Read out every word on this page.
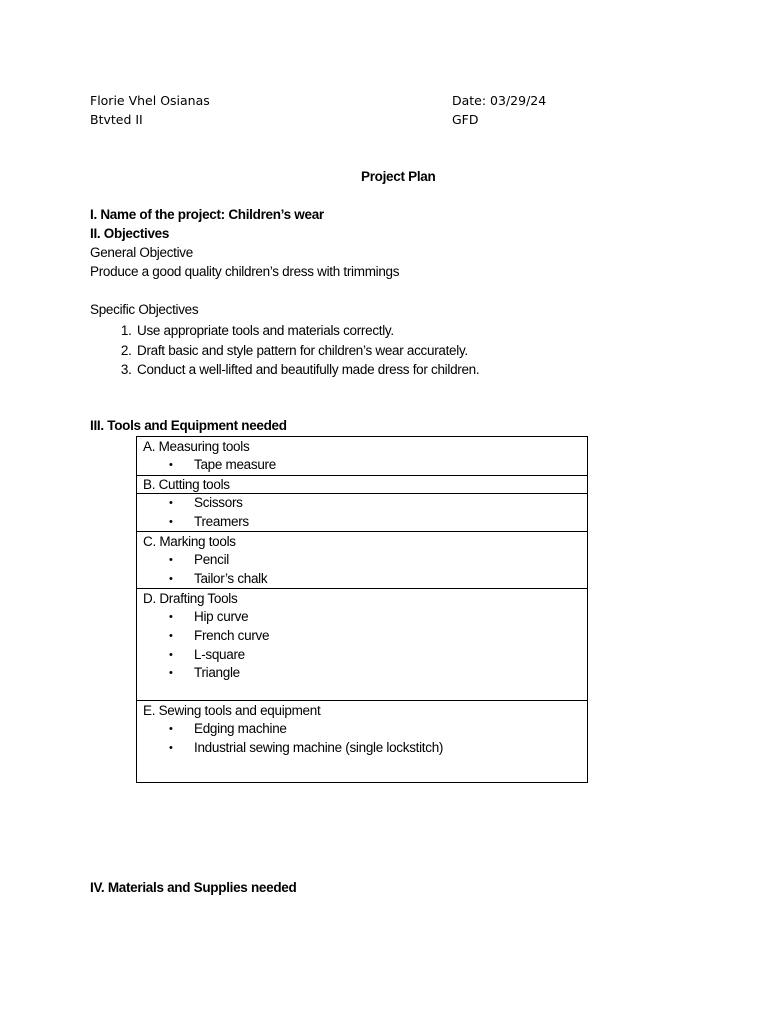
Florie Vhel Osianas
Btvted II
Date: 03/29/24
GFD
Project Plan
I. Name of the project: Children’s wear
II. Objectives
General Objective
Produce a good quality children’s dress with trimmings
Specific Objectives
1. Use appropriate tools and materials correctly.
2. Draft basic and style pattern for children’s wear accurately.
3. Conduct a well-lifted and beautifully made dress for children.
III. Tools and Equipment needed
A. Measuring tools
• Tape measure

B. Cutting tools

• Scissors
• Treamers

C. Marking tools
• Pencil
• Tailor’s chalk

D. Drafting Tools
• Hip curve
• French curve
• L-square
• Triangle

E. Sewing tools and equipment
• Edging machine
• Industrial sewing machine (single lockstitch)
IV. Materials and Supplies needed
